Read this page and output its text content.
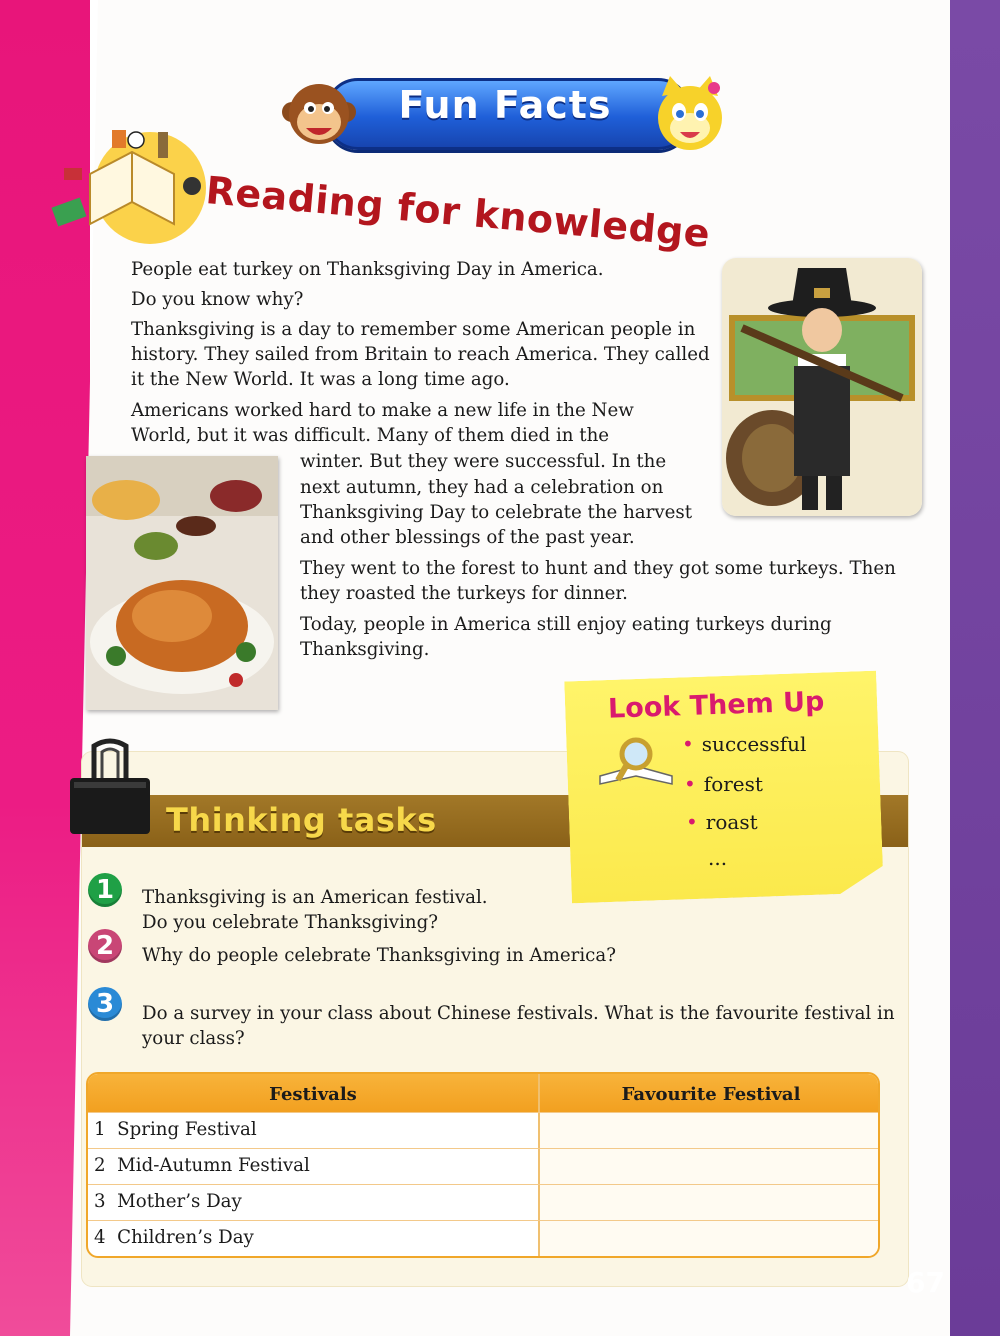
Fun Facts
Reading for knowledge

People eat turkey on Thanksgiving Day in America.

Do you know why?

Thanksgiving is a day to remember some American people in

history. They sailed from Britain to reach America. They called

it the New World. It was a long time ago.

Americans worked hard to make a new life in the New

World, but it was difficult. Many of them died in the

winter. But they were successful. In the

next autumn, they had a celebration on

Thanksgiving Day to celebrate the harvest

and other blessings of the past year.

They went to the forest to hunt and they got some turkeys. Then

they roasted the turkeys for dinner.

Today, people in America still enjoy eating turkeys during

Thanksgiving.

Thinking tasks
Look Them Up
• successful
• forest
• roast
...
1	Thanksgiving is an American festival.

Do you celebrate Thanksgiving?

2	Why do people celebrate Thanksgiving in America?

3	Do a survey in your class about Chinese festivals. What is the favourite festival in

your class?

Festivals	Favourite Festival
1 Spring Festival
2 Mid-Autumn Festival
3 Mother’s Day
4 Children’s Day
67
